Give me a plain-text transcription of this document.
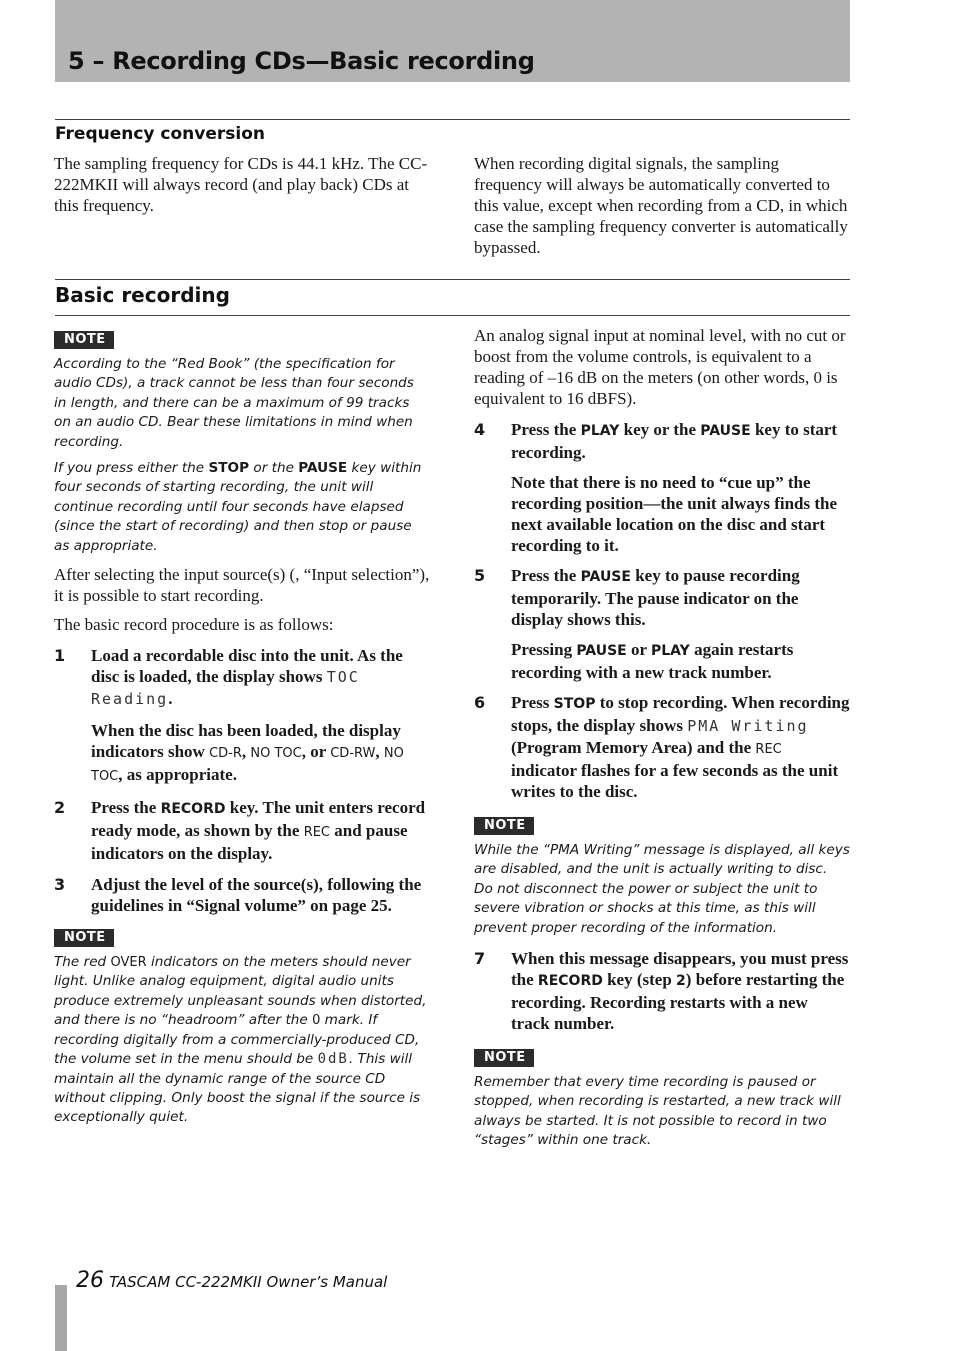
5 – Recording CDs—Basic recording
Frequency conversion

The sampling frequency for CDs is 44.1 kHz. The CC-222MKII will always record (and play back) CDs at this frequency.

When recording digital signals, the sampling frequency will always be automatically converted to this value, except when recording from a CD, in which case the sampling frequency converter is automatically bypassed.

Basic recording
NOTE

According to the “Red Book” (the specification for audio CDs), a track cannot be less than four seconds in length, and there can be a maximum of 99 tracks on an audio CD. Bear these limitations in mind when recording.

If you press either the STOP or the PAUSE key within four seconds of starting recording, the unit will continue recording until four seconds have elapsed (since the start of recording) and then stop or pause as appropriate.

After selecting the input source(s) (, “Input selection”), it is possible to start recording.

The basic record procedure is as follows:

1 Load a recordable disc into the unit. As the disc is loaded, the display shows TOC Reading.
When the disc has been loaded, the display indicators show CD-R, NO TOC, or CD-RW, NO TOC, as appropriate.
2 Press the RECORD key. The unit enters record ready mode, as shown by the REC and pause indicators on the display.
3 Adjust the level of the source(s), following the guidelines in “Signal volume” on page 25.
NOTE

The red OVER indicators on the meters should never light. Unlike analog equipment, digital audio units produce extremely unpleasant sounds when distorted, and there is no “headroom” after the 0 mark. If recording digitally from a commercially-produced CD, the volume set in the menu should be 0dB. This will maintain all the dynamic range of the source CD without clipping. Only boost the signal if the source is exceptionally quiet.

An analog signal input at nominal level, with no cut or boost from the volume controls, is equivalent to a reading of –16 dB on the meters (on other words, 0 is equivalent to 16 dBFS).

4 Press the PLAY key or the PAUSE key to start recording.
Note that there is no need to “cue up” the recording position—the unit always finds the next available location on the disc and start recording to it.
5 Press the PAUSE key to pause recording temporarily. The pause indicator on the display shows this.
Pressing PAUSE or PLAY again restarts recording with a new track number.
6 Press STOP to stop recording. When recording stops, the display shows PMA Writing (Program Memory Area) and the REC indicator flashes for a few seconds as the unit writes to the disc.
NOTE

While the “PMA Writing” message is displayed, all keys are disabled, and the unit is actually writing to disc. Do not disconnect the power or subject the unit to severe vibration or shocks at this time, as this will prevent proper recording of the information.

7 When this message disappears, you must press the RECORD key (step 2) before restarting the recording. Recording restarts with a new track number.
NOTE

Remember that every time recording is paused or stopped, when recording is restarted, a new track will always be started. It is not possible to record in two “stages” within one track.

26 TASCAM CC-222MKII Owner’s Manual
